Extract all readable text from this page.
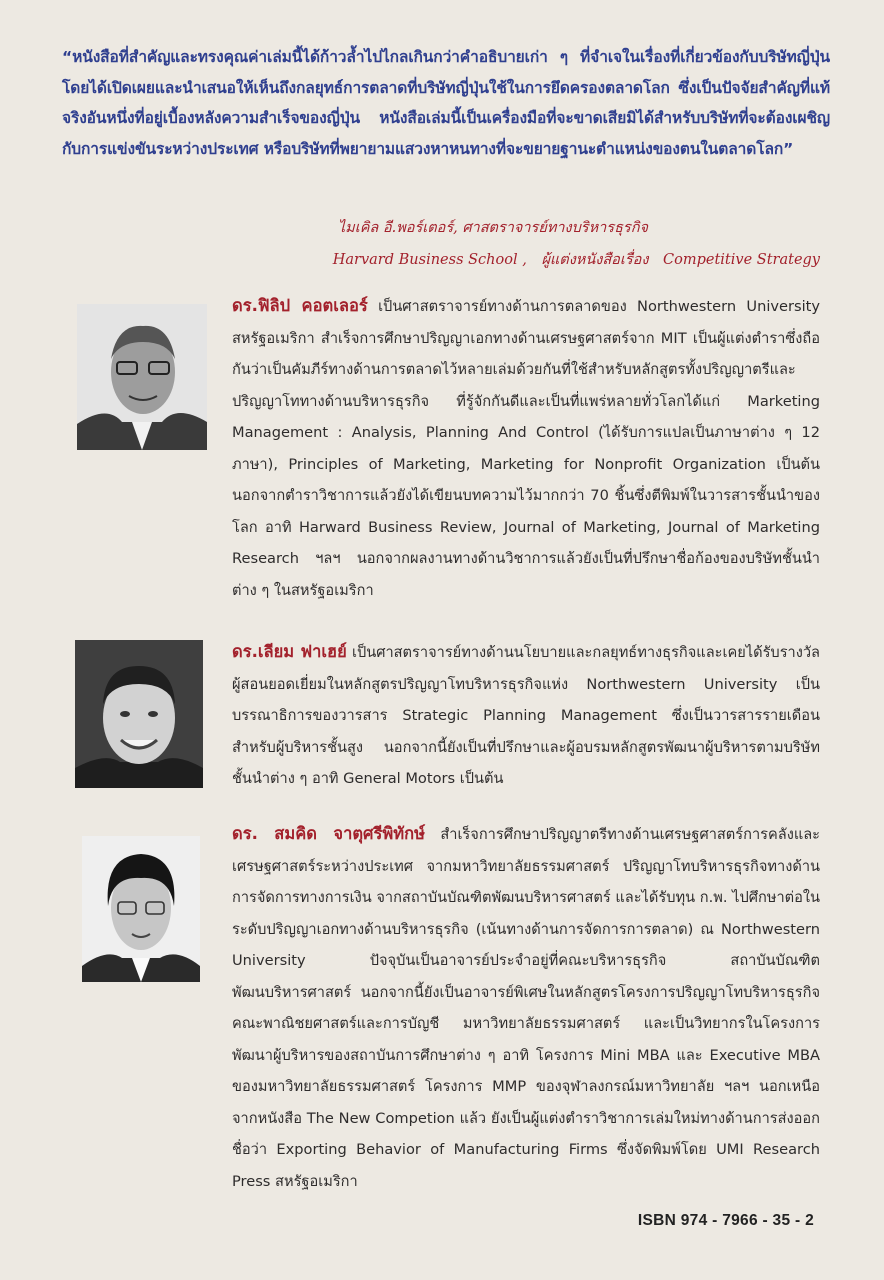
“หนังสือที่สำคัญและทรงคุณค่าเล่มนี้ได้ก้าวล้ำไปไกลเกินกว่าคำอธิบายเก่า ๆ ที่จำเจในเรื่องที่เกี่ยวข้องกับบริษัทญี่ปุ่น โดยได้เปิดเผยและนำเสนอให้เห็นถึงกลยุทธ์การตลาดที่บริษัทญี่ปุ่นใช้ในการยึดครองตลาดโลก ซึ่งเป็นปัจจัยสำคัญที่แท้จริงอันหนึ่งที่อยู่เบื้องหลังความสำเร็จของญี่ปุ่น หนังสือเล่มนี้เป็นเครื่องมือที่จะขาดเสียมิได้สำหรับบริษัทที่จะต้องเผชิญกับการแข่งขันระหว่างประเทศ หรือบริษัทที่พยายามแสวงหาหนทางที่จะขยายฐานะตำแหน่งของตนในตลาดโลก”

ไมเคิล อี.พอร์เตอร์, ศาสตราจารย์ทางบริหารธุรกิจ
Harvard Business School , ผู้แต่งหนังสือเรื่อง Competitive Strategy
ดร.ฟิลิป คอตเลอร์ เป็นศาสตราจารย์ทางด้านการตลาดของ Northwestern University สหรัฐอเมริกา สำเร็จการศึกษาปริญญาเอกทางด้านเศรษฐศาสตร์จาก MIT เป็นผู้แต่งตำราซึ่งถือกันว่าเป็นคัมภีร์ทางด้านการตลาดไว้หลายเล่มด้วยกันที่ใช้สำหรับหลักสูตรทั้งปริญญาตรีและปริญญาโททางด้านบริหารธุรกิจ ที่รู้จักกันดีและเป็นที่แพร่หลายทั่วโลกได้แก่ Marketing Management : Analysis, Planning And Control (ได้รับการแปลเป็นภาษาต่าง ๆ 12 ภาษา), Principles of Marketing, Marketing for Nonprofit Organization เป็นต้น นอกจากตำราวิชาการแล้วยังได้เขียนบทความไว้มากกว่า 70 ชิ้นซึ่งตีพิมพ์ในวารสารชั้นนำของโลก อาทิ Harward Business Review, Journal of Marketing, Journal of Marketing Research ฯลฯ นอกจากผลงานทางด้านวิชาการแล้วยังเป็นที่ปรึกษาชื่อก้องของบริษัทชั้นนำต่าง ๆ ในสหรัฐอเมริกา
ดร.เลียม ฟาเฮย์ เป็นศาสตราจารย์ทางด้านนโยบายและกลยุทธ์ทางธุรกิจและเคยได้รับรางวัลผู้สอนยอดเยี่ยมในหลักสูตรปริญญาโทบริหารธุรกิจแห่ง Northwestern University เป็นบรรณาธิการของวารสาร Strategic Planning Management ซึ่งเป็นวารสารรายเดือนสำหรับผู้บริหารชั้นสูง นอกจากนี้ยังเป็นที่ปรึกษาและผู้อบรมหลักสูตรพัฒนาผู้บริหารตามบริษัทชั้นนำต่าง ๆ อาทิ General Motors เป็นต้น
ดร. สมคิด จาตุศรีพิทักษ์ สำเร็จการศึกษาปริญญาตรีทางด้านเศรษฐศาสตร์การคลังและเศรษฐศาสตร์ระหว่างประเทศ จากมหาวิทยาลัยธรรมศาสตร์ ปริญญาโทบริหารธุรกิจทางด้านการจัดการทางการเงิน จากสถาบันบัณฑิตพัฒนบริหารศาสตร์ และได้รับทุน ก.พ. ไปศึกษาต่อในระดับปริญญาเอกทางด้านบริหารธุรกิจ (เน้นทางด้านการจัดการการตลาด) ณ Northwestern University ปัจจุบันเป็นอาจารย์ประจำอยู่ที่คณะบริหารธุรกิจ สถาบันบัณฑิตพัฒนบริหารศาสตร์ นอกจากนี้ยังเป็นอาจารย์พิเศษในหลักสูตรโครงการปริญญาโทบริหารธุรกิจ คณะพาณิชยศาสตร์และการบัญชี มหาวิทยาลัยธรรมศาสตร์ และเป็นวิทยากรในโครงการพัฒนาผู้บริหารของสถาบันการศึกษาต่าง ๆ อาทิ โครงการ Mini MBA และ Executive MBA ของมหาวิทยาลัยธรรมศาสตร์ โครงการ MMP ของจุฬาลงกรณ์มหาวิทยาลัย ฯลฯ นอกเหนือจากหนังสือ The New Competion แล้ว ยังเป็นผู้แต่งตำราวิชาการเล่มใหม่ทางด้านการส่งออก ชื่อว่า Exporting Behavior of Manufacturing Firms ซึ่งจัดพิมพ์โดย UMI Research Press สหรัฐอเมริกา
ISBN 974 - 7966 - 35 - 2
